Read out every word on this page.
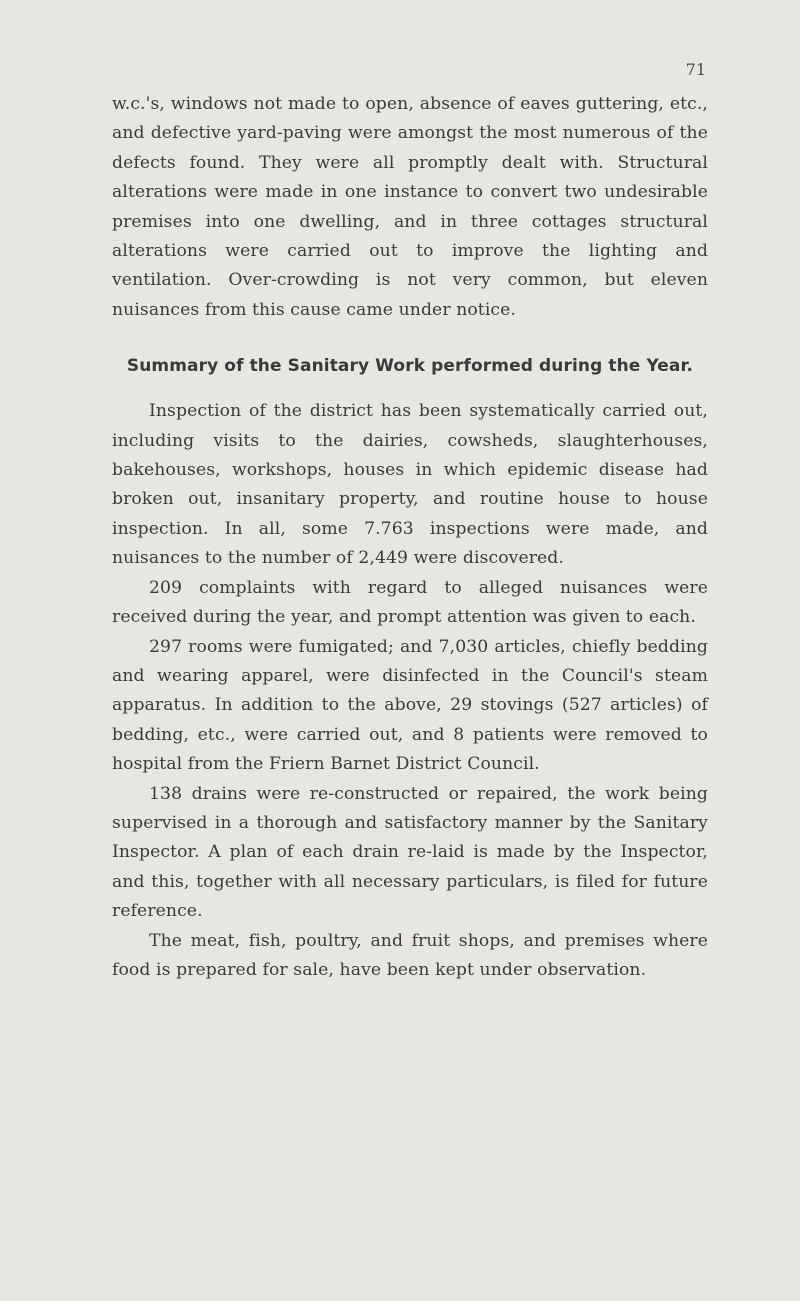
71

w.c.'s, windows not made to open, absence of eaves guttering, etc., and defective yard-paving were amongst the most numerous of the defects found. They were all promptly dealt with. Structural alterations were made in one instance to convert two undesirable premises into one dwelling, and in three cottages structural alterations were carried out to improve the lighting and ventilation. Over-crowding is not very common, but eleven nuisances from this cause came under notice.

Summary of the Sanitary Work performed during the Year.

Inspection of the district has been systematically carried out, including visits to the dairies, cowsheds, slaughterhouses, bakehouses, workshops, houses in which epidemic disease had broken out, insanitary property, and routine house to house inspection. In all, some 7.763 inspections were made, and nuisances to the number of 2,449 were discovered.

209 complaints with regard to alleged nuisances were received during the year, and prompt attention was given to each.

297 rooms were fumigated; and 7,030 articles, chiefly bedding and wearing apparel, were disinfected in the Council's steam apparatus. In addition to the above, 29 stovings (527 articles) of bedding, etc., were carried out, and 8 patients were removed to hospital from the Friern Barnet District Council.

138 drains were re-constructed or repaired, the work being supervised in a thorough and satisfactory manner by the Sanitary Inspector. A plan of each drain re-laid is made by the Inspector, and this, together with all necessary particulars, is filed for future reference.

The meat, fish, poultry, and fruit shops, and premises where food is prepared for sale, have been kept under observation.
